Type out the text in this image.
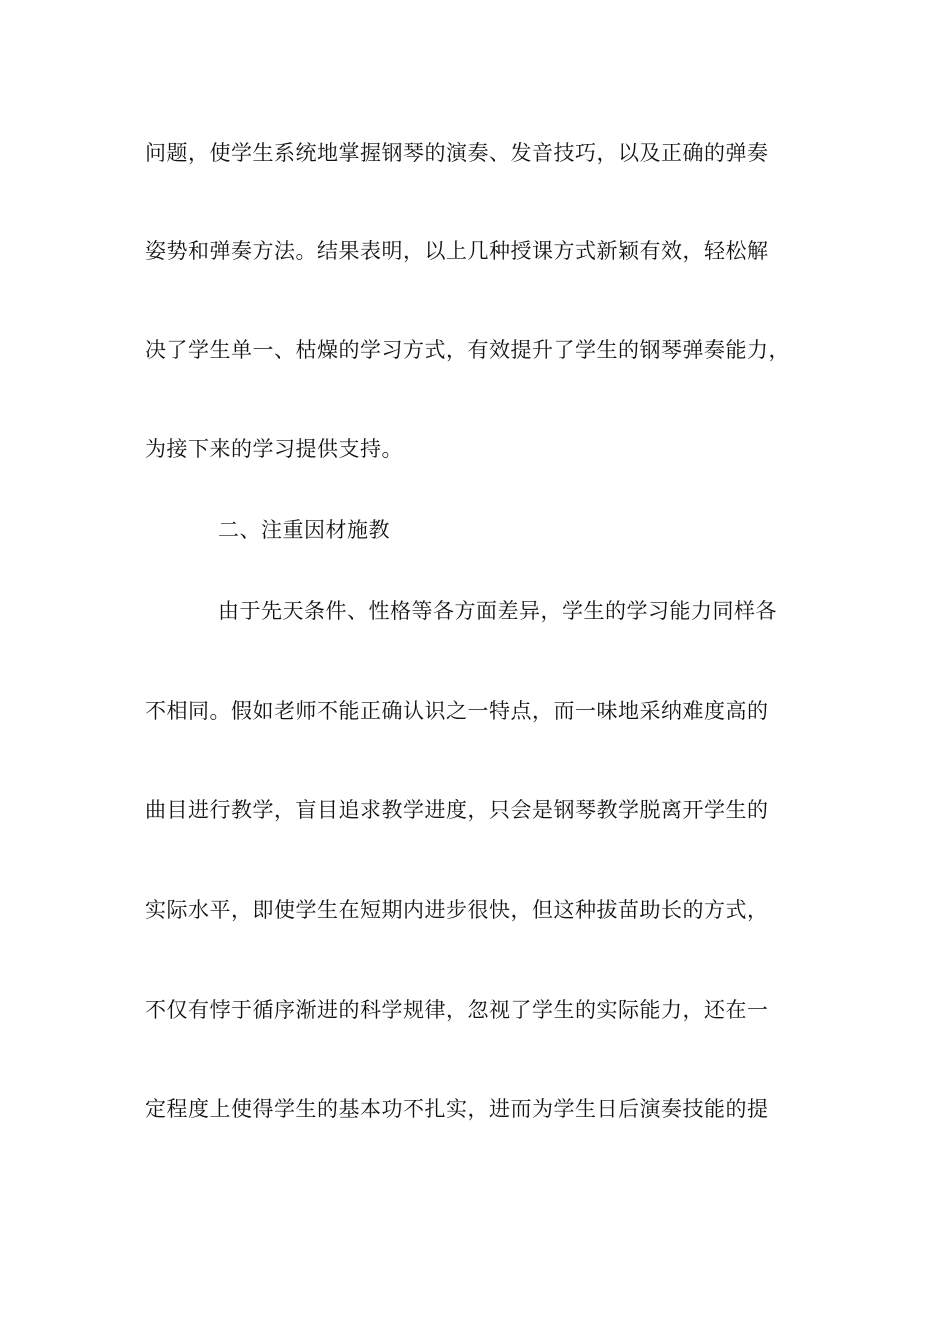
问题，使学生系统地掌握钢琴的演奏、发音技巧，以及正确的弹奏
姿势和弹奏方法。结果表明，以上几种授课方式新颖有效，轻松解
决了学生单一、枯燥的学习方式，有效提升了学生的钢琴弹奏能力，
为接下来的学习提供支持。
二、注重因材施教
由于先天条件、性格等各方面差异，学生的学习能力同样各
不相同。假如老师不能正确认识之一特点，而一味地采纳难度高的
曲目进行教学，盲目追求教学进度，只会是钢琴教学脱离开学生的
实际水平，即使学生在短期内进步很快，但这种拔苗助长的方式，
不仅有悖于循序渐进的科学规律，忽视了学生的实际能力，还在一
定程度上使得学生的基本功不扎实，进而为学生日后演奏技能的提
